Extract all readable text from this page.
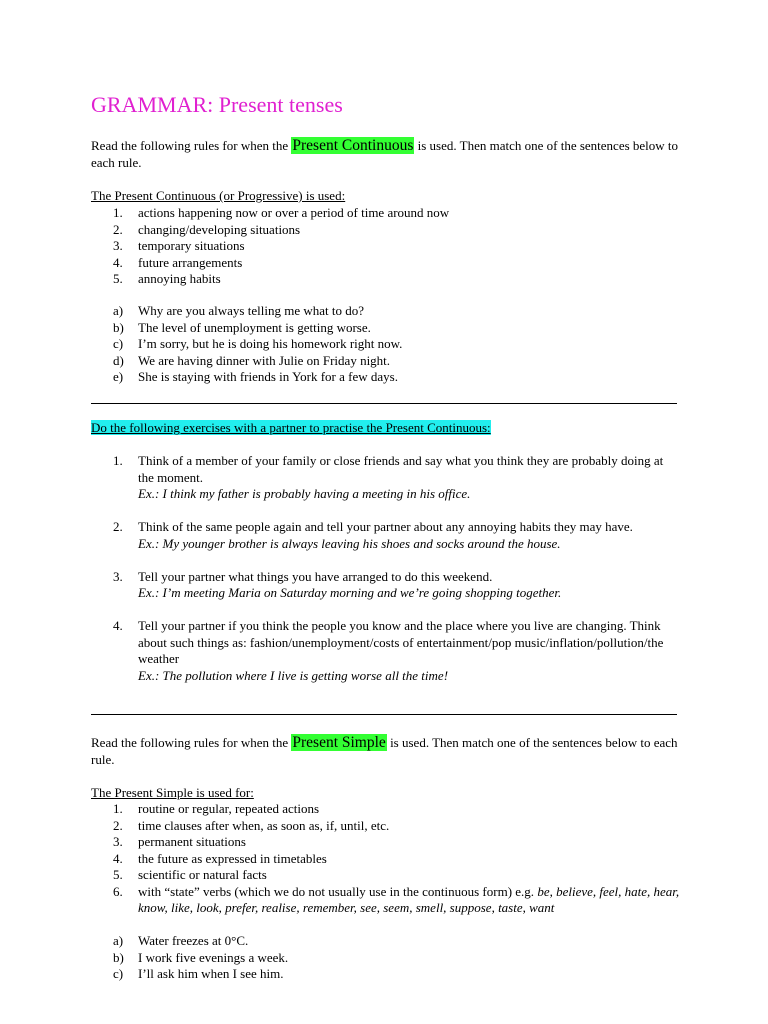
GRAMMAR: Present tenses
Read the following rules for when the Present Continuous is used. Then match one of the sentences below to each rule.
The Present Continuous (or Progressive) is used:
1. actions happening now or over a period of time around now
2. changing/developing situations
3. temporary situations
4. future arrangements
5. annoying habits
a) Why are you always telling me what to do?
b) The level of unemployment is getting worse.
c) I’m sorry, but he is doing his homework right now.
d) We are having dinner with Julie on Friday night.
e) She is staying with friends in York for a few days.
Do the following exercises with a partner to practise the Present Continuous:
1. Think of a member of your family or close friends and say what you think they are probably doing at the moment.
Ex.: I think my father is probably having a meeting in his office.
2. Think of the same people again and tell your partner about any annoying habits they may have.
Ex.: My younger brother is always leaving his shoes and socks around the house.
3. Tell your partner what things you have arranged to do this weekend.
Ex.: I’m meeting Maria on Saturday morning and we’re going shopping together.
4. Tell your partner if you think the people you know and the place where you live are changing. Think about such things as: fashion/unemployment/costs of entertainment/pop music/inflation/pollution/the weather
Ex.: The pollution where I live is getting worse all the time!
Read the following rules for when the Present Simple is used. Then match one of the sentences below to each rule.
The Present Simple is used for:
1. routine or regular, repeated actions
2. time clauses after when, as soon as, if, until, etc.
3. permanent situations
4. the future as expressed in timetables
5. scientific or natural facts
6. with “state” verbs (which we do not usually use in the continuous form) e.g. be, believe, feel, hate, hear, know, like, look, prefer, realise, remember, see, seem, smell, suppose, taste, want
a) Water freezes at 0°C.
b) I work five evenings a week.
c) I’ll ask him when I see him.
